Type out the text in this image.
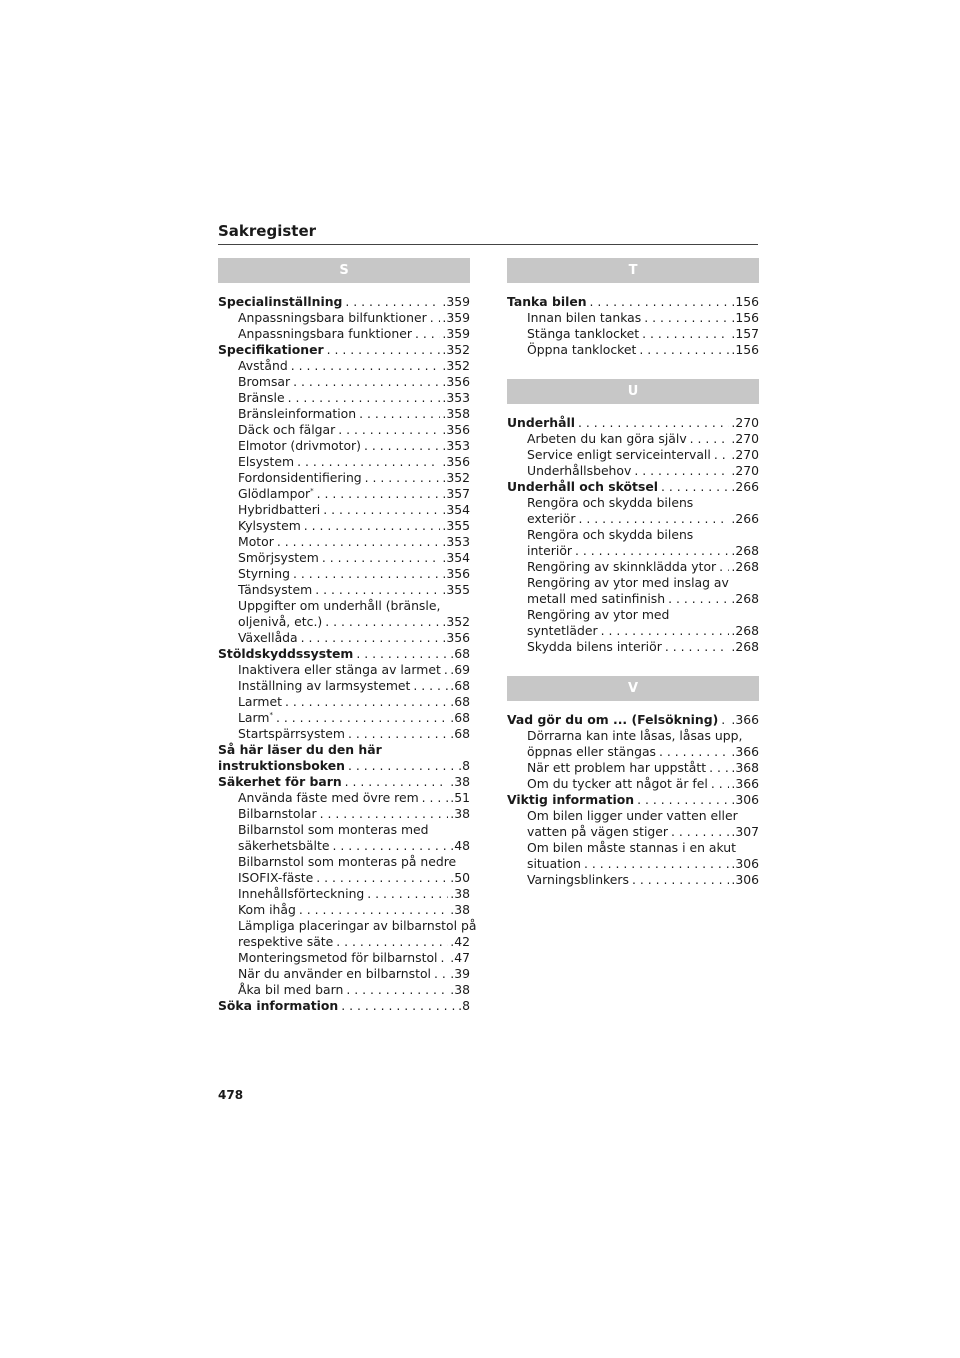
Sakregister
S
Specialinställning . . .	.359
Anpassningsbara bilfunktioner . . . .359
Anpassningsbara funktioner . . . .359
Specifikationer . . .	.352
Avstånd . . .	.352
Bromsar . . .	.356
Bränsle . . .	.353
Bränsleinformation . . .	.358
Däck och fälgar . . .	.356
Elmotor (drivmotor) . . .	.353
Elsystem . . .	.356
Fordonsidentifiering . . .	.352
Glödlampor* . . .	.357
Hybridbatteri . . .	.354
Kylsystem . . .	.355
Motor . . .	.353
Smörjsystem . . .	.354
Styrning . . .	.356
Tändsystem . . .	.355
Uppgifter om underhåll (bränsle,
oljenivå, etc.) . . .	.352
Växellåda . . .	.356
Stöldskyddssystem . . .	.68
Inaktivera eller stänga av larmet . . . .69
Inställning av larmsystemet . . .	.68
Larmet . . .	.68
Larm* . . .	.68
Startspärrsystem . . .	.68
Så här läser du den här
instruktionsboken . . .	.8
Säkerhet för barn . . .	.38
Använda fäste med övre rem . . .	.51
Bilbarnstolar . . .	.38
Bilbarnstol som monteras med
säkerhetsbälte . . .	.48
Bilbarnstol som monteras på nedre
ISOFIX-fäste . . .	.50
Innehållsförteckning . . .	.38
Kom ihåg . . .	.38
Lämpliga placeringar av bilbarnstol på
respektive säte . . .	.42
Monteringsmetod för bilbarnstol . . . .47
När du använder en bilbarnstol . . . .39
Åka bil med barn . . .	.38
Söka information . . .	.8
T
Tanka bilen . . .	.156
Innan bilen tankas . . .	.156
Stänga tanklocket . . .	.157
Öppna tanklocket . . .	.156
U
Underhåll . . .	.270
Arbeten du kan göra själv . . .	.270
Service enligt serviceintervall . . . .270
Underhållsbehov . . .	.270
Underhåll och skötsel . . .	.266
Rengöra och skydda bilens
exteriör . . .	.266
Rengöra och skydda bilens
interiör . . .	.268
Rengöring av skinnklädda ytor . . . .268
Rengöring av ytor med inslag av
metall med satinfinish . . .	.268
Rengöring av ytor med
syntetläder . . .	.268
Skydda bilens interiör . . .	.268
V
Vad gör du om ... (Felsökning) . . . .366
Dörrarna kan inte låsas, låsas upp,
öppnas eller stängas . . .	.366
När ett problem har uppstått . . . .368
Om du tycker att något är fel . . . .366
Viktig information . . .	.306
Om bilen ligger under vatten eller
vatten på vägen stiger . . .	.307
Om bilen måste stannas i en akut
situation . . .	.306
Varningsblinkers . . .	.306
478
